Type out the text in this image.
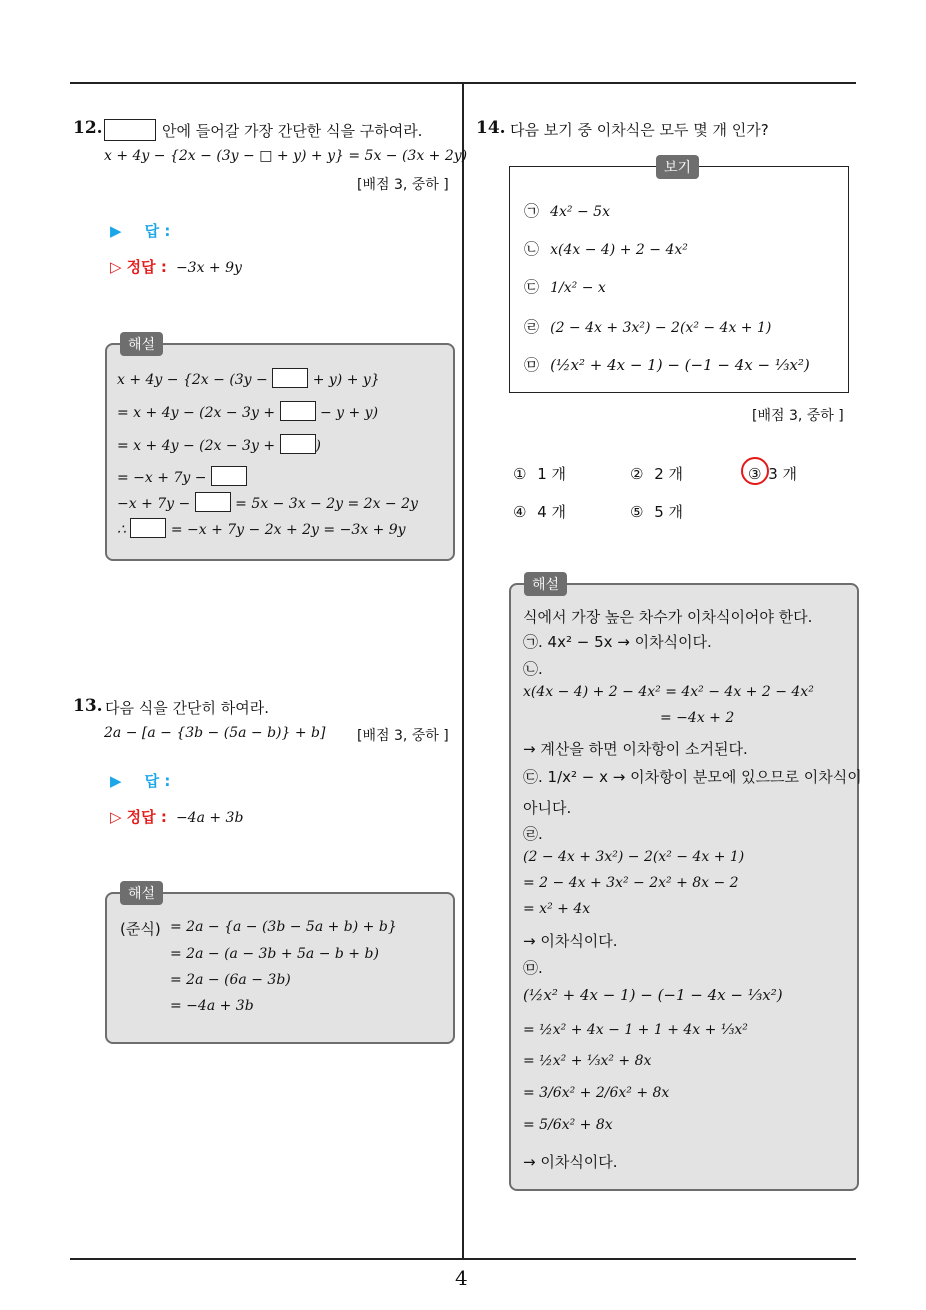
4
12.	안에 들어갈 가장 간단한 식을 구하여라.
x + 4y − {2x − (3y − □ + y) + y} = 5x − (3x + 2y)
[배점 3, 중하 ]
▶ 답 :
▷ 정답 : −3x + 9y
해설
x + 4y − {2x − (3y −	+ y) + y}
= x + 4y − (2x − 3y +	− y + y)
= x + 4y − (2x − 3y +	)
= −x + 7y −
−x + 7y −	= 5x − 3x − 2y = 2x − 2y
∴	= −x + 7y − 2x + 2y = −3x + 9y
13. 다음 식을 간단히 하여라.
2a − [a − {3b − (5a − b)} + b] [배점 3, 중하 ]
▶ 답 :
▷ 정답 : −4a + 3b
해설
(준식) = 2a − {a − (3b − 5a + b) + b}
= 2a − (a − 3b + 5a − b + b)
= 2a − (6a − 3b)
= −4a + 3b
14. 다음 보기 중 이차식은 모두 몇 개 인가?
보기
㉠ 4x² − 5x
㉡ x(4x − 4) + 2 − 4x²
㉢ 1/x² − x
㉣ (2 − 4x + 3x²) − 2(x² − 4x + 1)
㉤ (½x² + 4x − 1) − (−1 − 4x − ⅓x²)
[배점 3, 중하 ]
① 1 개	② 2 개	③ 3 개
④ 4 개	⑤ 5 개
해설
식에서 가장 높은 차수가 이차식이어야 한다.
㉠. 4x² − 5x → 이차식이다.
㉡.
x(4x − 4) + 2 − 4x² = 4x² − 4x + 2 − 4x²
= −4x + 2
→ 계산을 하면 이차항이 소거된다.
㉢. 1/x² − x → 이차항이 분모에 있으므로 이차식이
아니다.
㉣.
(2 − 4x + 3x²) − 2(x² − 4x + 1)
= 2 − 4x + 3x² − 2x² + 8x − 2
= x² + 4x
→ 이차식이다.
㉤.
(½x² + 4x − 1) − (−1 − 4x − ⅓x²)
= ½x² + 4x − 1 + 1 + 4x + ⅓x²
= ½x² + ⅓x² + 8x
= 3/6x² + 2/6x² + 8x
= 5/6x² + 8x
→ 이차식이다.
